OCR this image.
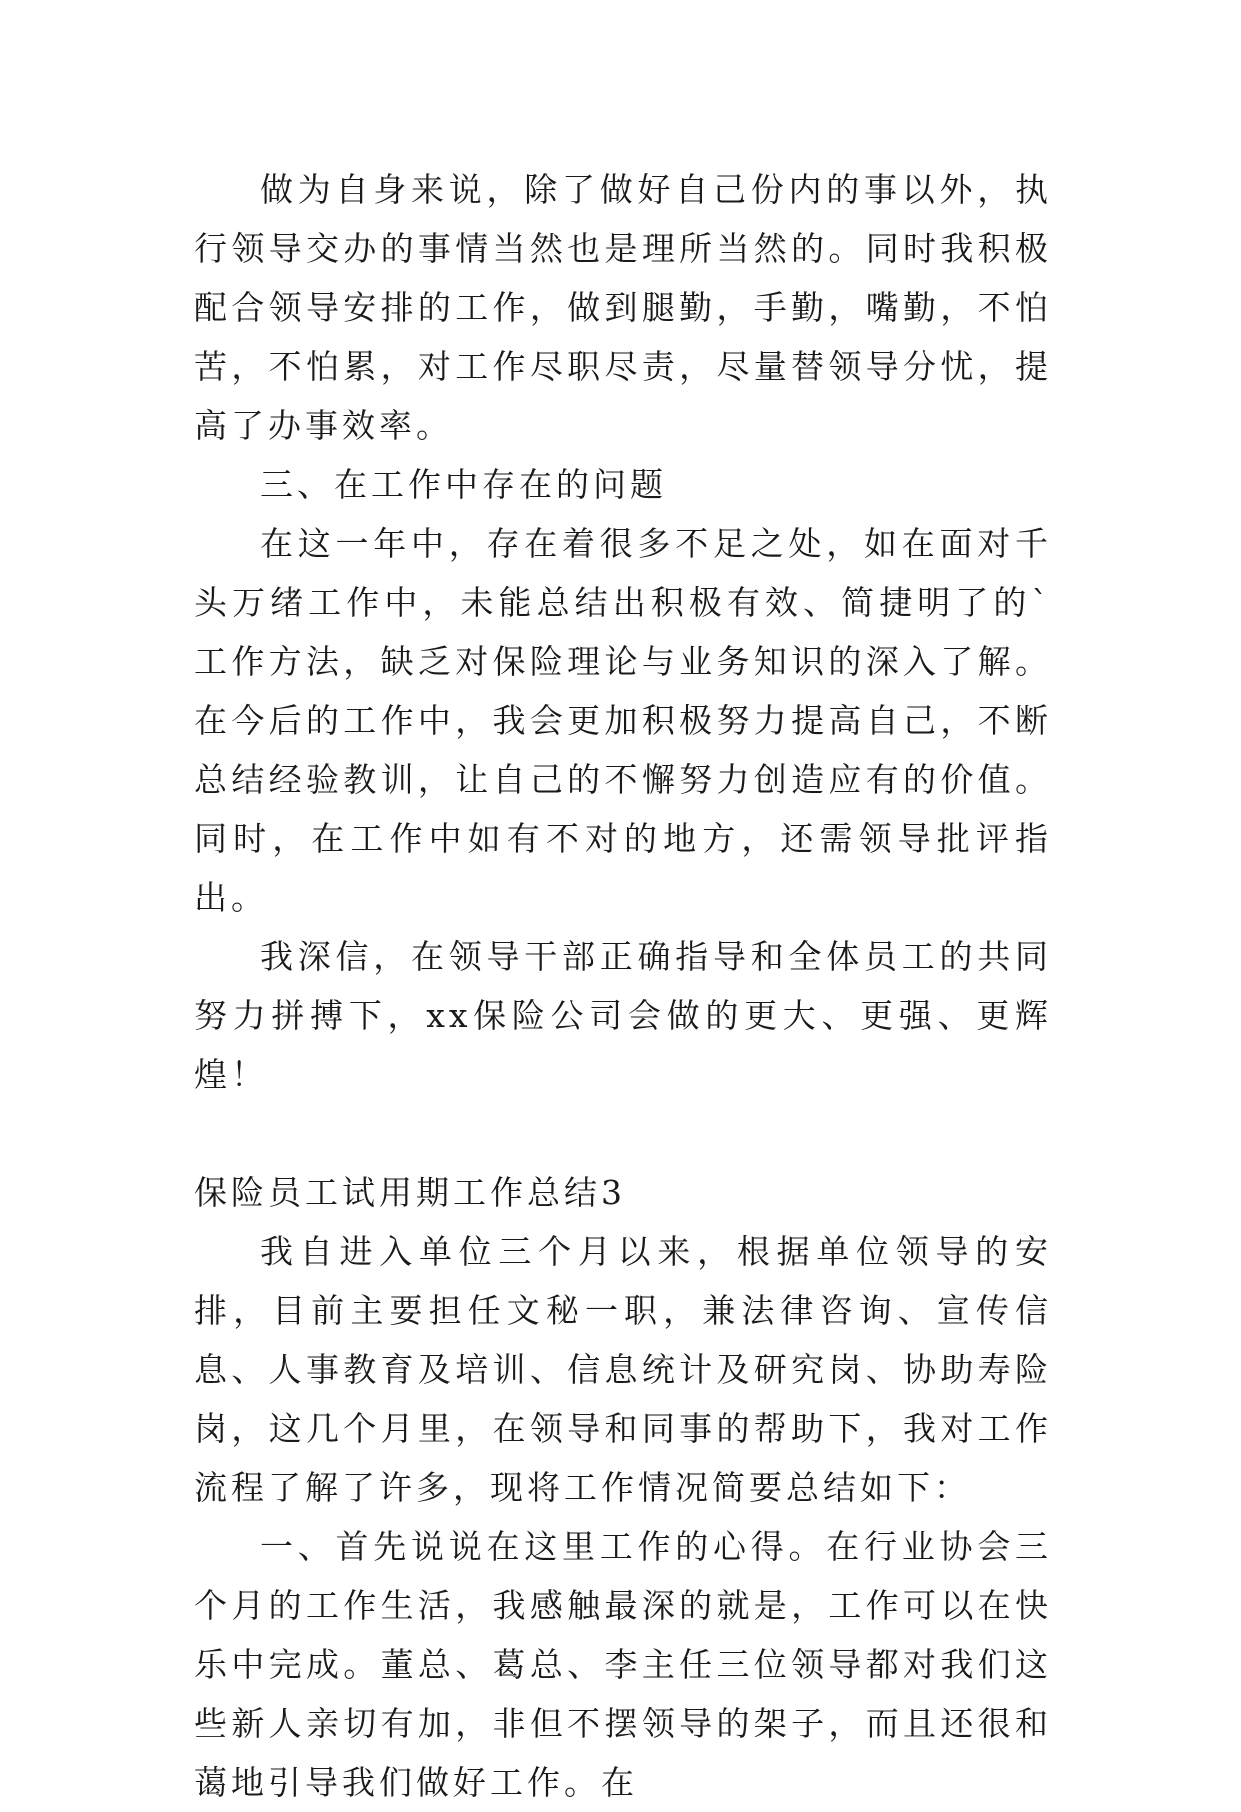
做为自身来说，除了做好自己份内的事以外，执行领导交办的事情当然也是理所当然的。同时我积极配合领导安排的工作，做到腿勤，手勤，嘴勤，不怕苦，不怕累，对工作尽职尽责，尽量替领导分忧，提高了办事效率。

三、在工作中存在的问题

在这一年中，存在着很多不足之处，如在面对千头万绪工作中，未能总结出积极有效、简捷明了的`工作方法，缺乏对保险理论与业务知识的深入了解。在今后的工作中，我会更加积极努力提高自己，不断总结经验教训，让自己的不懈努力创造应有的价值。同时，在工作中如有不对的地方，还需领导批评指出。

我深信，在领导干部正确指导和全体员工的共同努力拼搏下，xx保险公司会做的更大、更强、更辉煌！

保险员工试用期工作总结3

我自进入单位三个月以来，根据单位领导的安排，目前主要担任文秘一职，兼法律咨询、宣传信息、人事教育及培训、信息统计及研究岗、协助寿险岗，这几个月里，在领导和同事的帮助下，我对工作流程了解了许多，现将工作情况简要总结如下：

一、首先说说在这里工作的心得。在行业协会三个月的工作生活，我感触最深的就是，工作可以在快乐中完成。董总、葛总、李主任三位领导都对我们这些新人亲切有加，非但不摆领导的架子，而且还很和蔼地引导我们做好工作。在
